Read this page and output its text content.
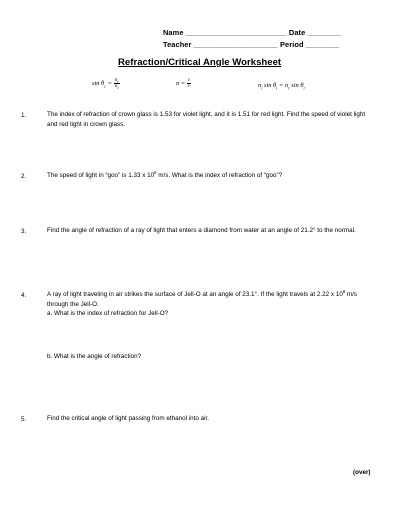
Name ________________________ Date ________
Teacher ____________________ Period ________
Refraction/Critical Angle Worksheet
$\sin \theta_c = \frac{n_r}{n_i}$	$n = \frac{c}{v}$	$n_i$ $\sin \theta_i = n_r$ $\sin \theta_r$
1.	The index of refraction of crown glass is 1.53 for violet light, and it is 1.51 for red light. Find the speed of violet light and red light in crown glass.
2.	The speed of light in “goo” is 1.33 x $10^8$ m/s. What is the index of refraction of “goo”?
3.	Find the angle of refraction of a ray of light that enters a diamond from water at an angle of 21.2° to the normal.
4.	A ray of light traveling in air strikes the surface of Jell-O at an angle of 23.1°. If the light travels at 2.22 x $10^8$ m/s through the Jell-O.
a. What is the index of refraction for Jell-O?
b. What is the angle of refraction?
5.	Find the critical angle of light passing from ethanol into air.
(over)
